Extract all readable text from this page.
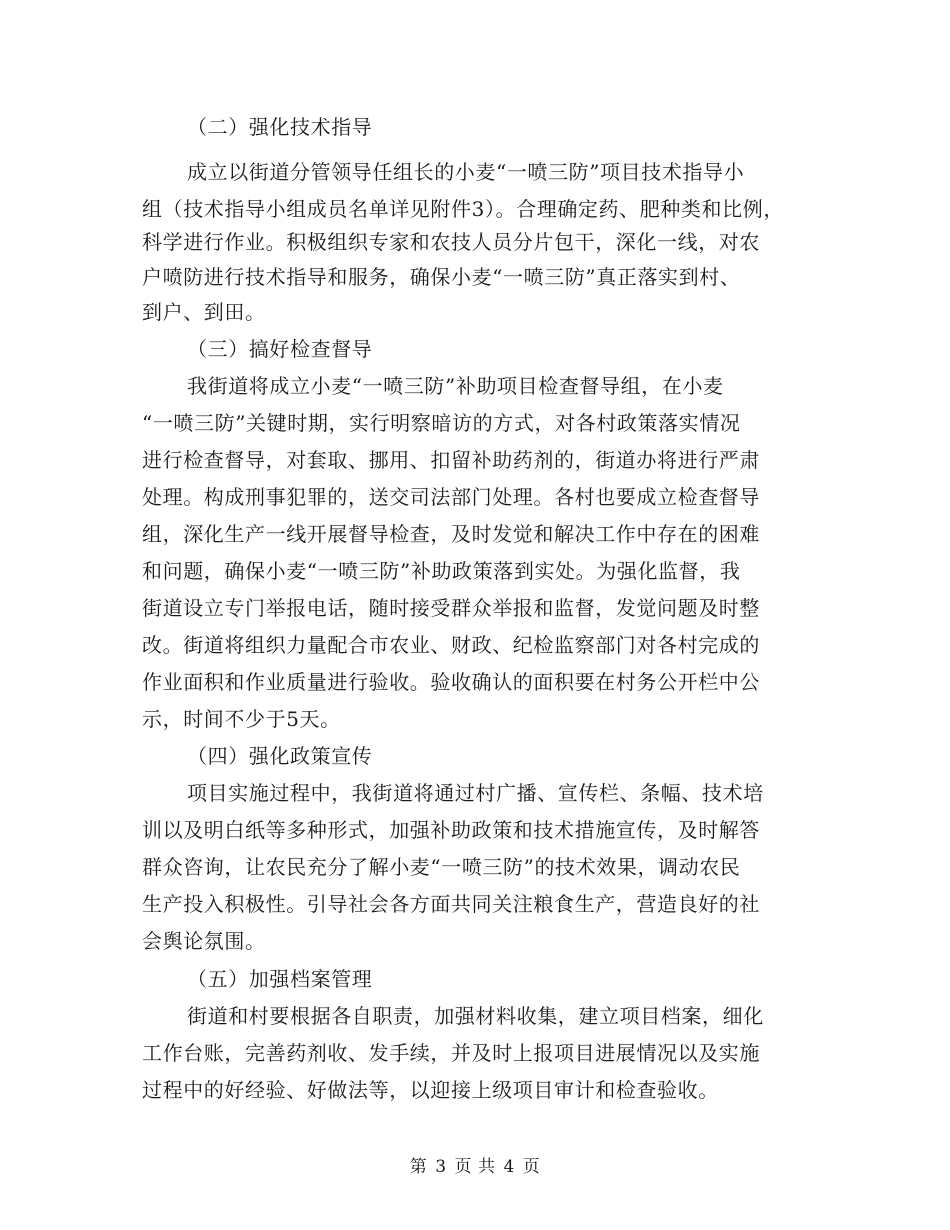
（二）强化技术指导
成立以街道分管领导任组长的小麦“一喷三防”项目技术指导小
组（技术指导小组成员名单详见附件3）。合理确定药、肥种类和比例，
科学进行作业。积极组织专家和农技人员分片包干，深化一线，对农
户喷防进行技术指导和服务，确保小麦“一喷三防”真正落实到村、
到户、到田。
（三）搞好检查督导
我街道将成立小麦“一喷三防”补助项目检查督导组，在小麦
“一喷三防”关键时期，实行明察暗访的方式，对各村政策落实情况
进行检查督导，对套取、挪用、扣留补助药剂的，街道办将进行严肃
处理。构成刑事犯罪的，送交司法部门处理。各村也要成立检查督导
组，深化生产一线开展督导检查，及时发觉和解决工作中存在的困难
和问题，确保小麦“一喷三防”补助政策落到实处。为强化监督，我
街道设立专门举报电话，随时接受群众举报和监督，发觉问题及时整
改。街道将组织力量配合市农业、财政、纪检监察部门对各村完成的
作业面积和作业质量进行验收。验收确认的面积要在村务公开栏中公
示，时间不少于5天。
（四）强化政策宣传
项目实施过程中，我街道将通过村广播、宣传栏、条幅、技术培
训以及明白纸等多种形式，加强补助政策和技术措施宣传，及时解答
群众咨询，让农民充分了解小麦“一喷三防”的技术效果，调动农民
生产投入积极性。引导社会各方面共同关注粮食生产，营造良好的社
会舆论氛围。
（五）加强档案管理
街道和村要根据各自职责，加强材料收集，建立项目档案，细化
工作台账，完善药剂收、发手续，并及时上报项目进展情况以及实施
过程中的好经验、好做法等，以迎接上级项目审计和检查验收。
第 3 页 共 4 页
